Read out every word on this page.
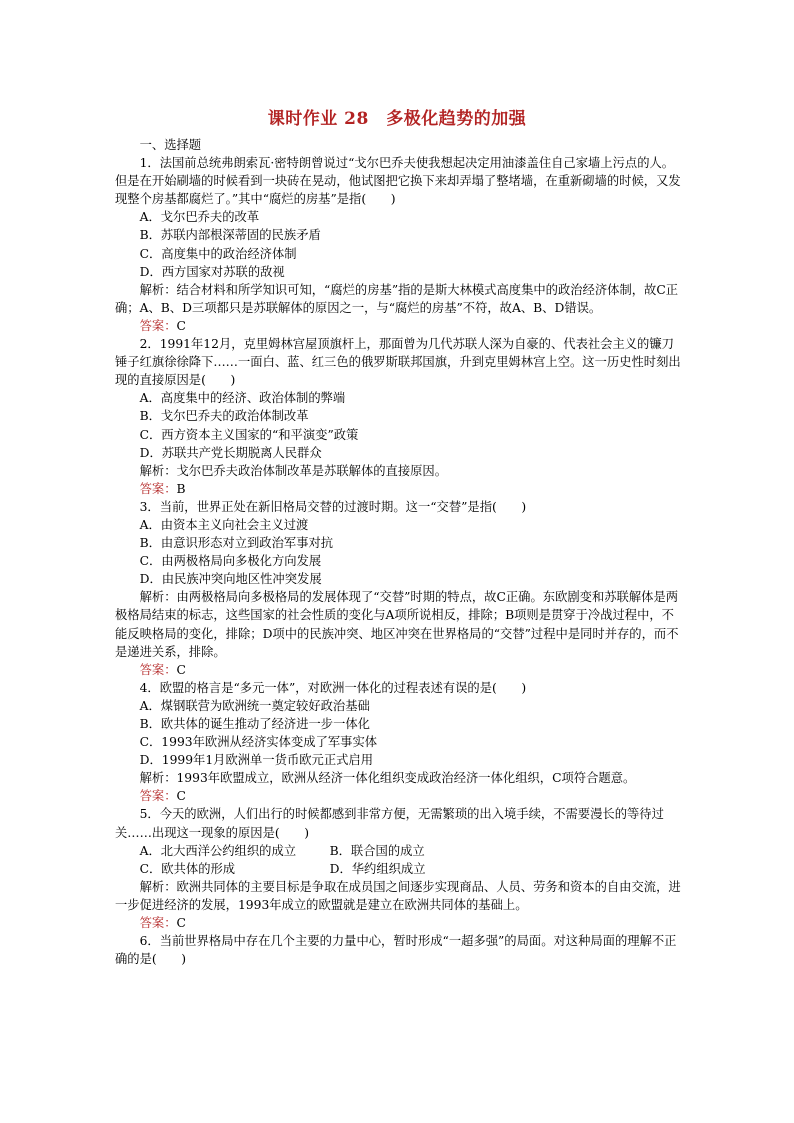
课时作业 28　多极化趋势的加强

一、选择题

1．法国前总统弗朗索瓦·密特朗曾说过“戈尔巴乔夫使我想起决定用油漆盖住自己家墙上污点的人。但是在开始刷墙的时候看到一块砖在晃动，他试图把它换下来却弄塌了整堵墙，在重新砌墙的时候，又发现整个房基都腐烂了。”其中“腐烂的房基”是指(　　)

A．戈尔巴乔夫的改革

B．苏联内部根深蒂固的民族矛盾

C．高度集中的政治经济体制

D．西方国家对苏联的敌视

解析：结合材料和所学知识可知，“腐烂的房基”指的是斯大林模式高度集中的政治经济体制，故C正确；A、B、D三项都只是苏联解体的原因之一，与“腐烂的房基”不符，故A、B、D错误。

答案：C

2．1991年12月，克里姆林宫屋顶旗杆上，那面曾为几代苏联人深为自豪的、代表社会主义的镰刀锤子红旗徐徐降下……一面白、蓝、红三色的俄罗斯联邦国旗，升到克里姆林宫上空。这一历史性时刻出现的直接原因是(　　)

A．高度集中的经济、政治体制的弊端

B．戈尔巴乔夫的政治体制改革

C．西方资本主义国家的“和平演变”政策

D．苏联共产党长期脱离人民群众

解析：戈尔巴乔夫政治体制改革是苏联解体的直接原因。

答案：B

3．当前，世界正处在新旧格局交替的过渡时期。这一“交替”是指(　　)

A．由资本主义向社会主义过渡

B．由意识形态对立到政治军事对抗

C．由两极格局向多极化方向发展

D．由民族冲突向地区性冲突发展

解析：由两极格局向多极格局的发展体现了“交替”时期的特点，故C正确。东欧剧变和苏联解体是两极格局结束的标志，这些国家的社会性质的变化与A项所说相反，排除；B项则是贯穿于冷战过程中，不能反映格局的变化，排除；D项中的民族冲突、地区冲突在世界格局的“交替”过程中是同时并存的，而不是递进关系，排除。

答案：C

4．欧盟的格言是“多元一体”，对欧洲一体化的过程表述有误的是(　　)

A．煤钢联营为欧洲统一奠定较好政治基础

B．欧共体的诞生推动了经济进一步一体化

C．1993年欧洲从经济实体变成了军事实体

D．1999年1月欧洲单一货币欧元正式启用

解析：1993年欧盟成立，欧洲从经济一体化组织变成政治经济一体化组织，C项符合题意。

答案：C

5．今天的欧洲，人们出行的时候都感到非常方便，无需繁琐的出入境手续，不需要漫长的等待过关……出现这一现象的原因是(　　)

A．北大西洋公约组织的成立	B．联合国的成立

C．欧共体的形成	D．华约组织成立

解析：欧洲共同体的主要目标是争取在成员国之间逐步实现商品、人员、劳务和资本的自由交流，进一步促进经济的发展，1993年成立的欧盟就是建立在欧洲共同体的基础上。

答案：C

6．当前世界格局中存在几个主要的力量中心，暂时形成“一超多强”的局面。对这种局面的理解不正确的是(　　)
